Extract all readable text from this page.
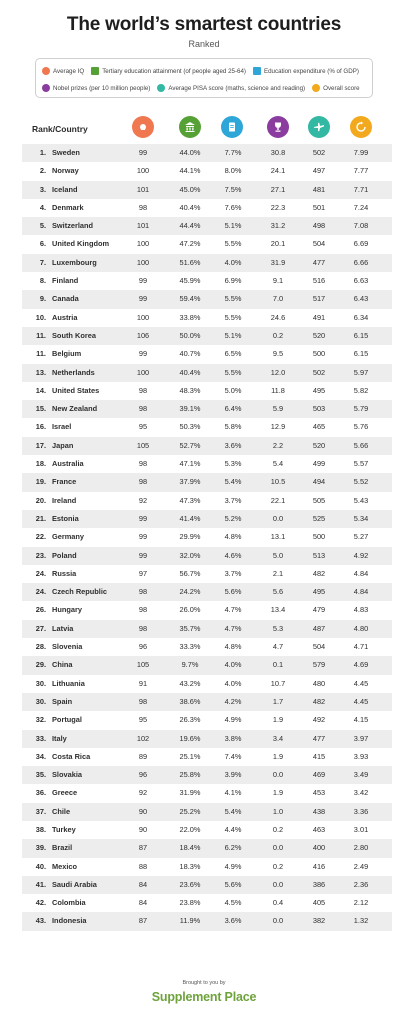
The world’s smartest countries
Ranked
Average IQ	Tertiary education attainment (of people aged 25-64)	Education expenditure (% of GDP)
Nobel prizes (per 10 million people)	Average PISA score (maths, science and reading)	Overall score
Rank/Country
1. Sweden	99	44.0%	7.7%	30.8	502	7.99
2. Norway	100	44.1%	8.0%	24.1	497	7.77
3. Iceland	101	45.0%	7.5%	27.1	481	7.71
4. Denmark	98	40.4%	7.6%	22.3	501	7.24
5. Switzerland	101	44.4%	5.1%	31.2	498	7.08
6. United Kingdom	100	47.2%	5.5%	20.1	504	6.69
7. Luxembourg	100	51.6%	4.0%	31.9	477	6.66
8. Finland	99	45.9%	6.9%	9.1	516	6.63
9. Canada	99	59.4%	5.5%	7.0	517	6.43
10. Austria	100	33.8%	5.5%	24.6	491	6.34
11. South Korea	106	50.0%	5.1%	0.2	520	6.15
11. Belgium	99	40.7%	6.5%	9.5	500	6.15
13. Netherlands	100	40.4%	5.5%	12.0	502	5.97
14. United States	98	48.3%	5.0%	11.8	495	5.82
15. New Zealand	98	39.1%	6.4%	5.9	503	5.79
16. Israel	95	50.3%	5.8%	12.9	465	5.76
17. Japan	105	52.7%	3.6%	2.2	520	5.66
18. Australia	98	47.1%	5.3%	5.4	499	5.57
19. France	98	37.9%	5.4%	10.5	494	5.52
20. Ireland	92	47.3%	3.7%	22.1	505	5.43
21. Estonia	99	41.4%	5.2%	0.0	525	5.34
22. Germany	99	29.9%	4.8%	13.1	500	5.27
23. Poland	99	32.0%	4.6%	5.0	513	4.92
24. Russia	97	56.7%	3.7%	2.1	482	4.84
24. Czech Republic	98	24.2%	5.6%	5.6	495	4.84
26. Hungary	98	26.0%	4.7%	13.4	479	4.83
27. Latvia	98	35.7%	4.7%	5.3	487	4.80
28. Slovenia	96	33.3%	4.8%	4.7	504	4.71
29. China	105	9.7%	4.0%	0.1	579	4.69
30. Lithuania	91	43.2%	4.0%	10.7	480	4.45
30. Spain	98	38.6%	4.2%	1.7	482	4.45
32. Portugal	95	26.3%	4.9%	1.9	492	4.15
33. Italy	102	19.6%	3.8%	3.4	477	3.97
34. Costa Rica	89	25.1%	7.4%	1.9	415	3.93
35. Slovakia	96	25.8%	3.9%	0.0	469	3.49
36. Greece	92	31.9%	4.1%	1.9	453	3.42
37. Chile	90	25.2%	5.4%	1.0	438	3.36
38. Turkey	90	22.0%	4.4%	0.2	463	3.01
39. Brazil	87	18.4%	6.2%	0.0	400	2.80
40. Mexico	88	18.3%	4.9%	0.2	416	2.49
41. Saudi Arabia	84	23.6%	5.6%	0.0	386	2.36
42. Colombia	84	23.8%	4.5%	0.4	405	2.12
43. Indonesia	87	11.9%	3.6%	0.0	382	1.32
Brought to you by
Supplement Place
